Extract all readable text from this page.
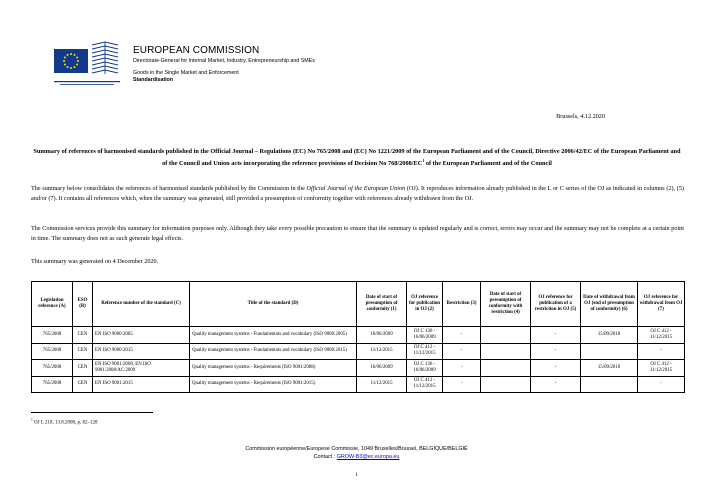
EUROPEAN COMMISSION
Directorate-General for Internal Market, Industry, Entrepreneurship and SMEs
Goods in the Single Market and Enforcement
Standardisation
Brussels, 4.12.2020
Summary of references of harmonised standards published in the Official Journal – Regulations (EC) No 765/2008 and (EC) No 1221/2009 of the European Parliament and of the Council, Directive 2006/42/EC of the European Parliament and of the Council and Union acts incorporating the reference provisions of Decision No $768/2008/EC^1$ of the European Parliament and of the Council

The summary below consolidates the references of harmonised standards published by the Commission in the Official Journal of the European Union (OJ). It reproduces information already published in the L or C series of the OJ as indicated in columns (2), (5) and/or (7). It contains all references which, when the summary was generated, still provided a presumption of conformity together with references already withdrawn from the OJ.

The Commission services provide this summary for information purposes only. Although they take every possible precaution to ensure that the summary is updated regularly and is correct, errors may occur and the summary may not be complete at a certain point in time. The summary does not as such generate legal effects.

This summary was generated on 4 December 2020.

Legislation reference (A)	ESO (B)	Reference number of the standard (C)	Title of the standard (D)	Date of start of presumption of conformity (1)	OJ reference for publication in OJ (2)	Restriction (3)	Date of start of presumption of conformity with restriction (4)	OJ reference for publication of a restriction in OJ (5)	Date of withdrawal from OJ (end of presumption of conformity) (6)	OJ reference for withdrawal from OJ (7)
765/2008	CEN	EN ISO 9000:2005	Quality management systems - Fundamentals and vocabulary (ISO 9000:2005)	16/06/2009	OJ C 136 - 16/06/2009	-		-	15/09/2018	OJ C 412 - 11/12/2015
765/2008	CEN	EN ISO 9000:2015	Quality management systems - Fundamentals and vocabulary (ISO 9000:2015)	11/12/2015	OJ C 412 - 11/12/2015	-		-		-
765/2008	CEN	EN ISO 9001:2008, EN ISO 9001:2008/AC:2009	Quality management systems - Requirements (ISO 9001:2008)	16/06/2009	OJ C 136 - 16/06/2009	-		-	15/09/2018	OJ C 412 - 11/12/2015
765/2008	CEN	EN ISO 9001:2015	Quality management systems - Requirements (ISO 9001:2015)	11/12/2015	OJ C 412 - 11/12/2015	-		-		-
$^1$ OJ L 218, 13.8.2008, p. 82–128
Commission européenne/Europese Commissie, 1049 Bruxelles/Brussel, BELGIQUE/BELGIË
Contact : GROW-B3@ec.europa.eu
1
